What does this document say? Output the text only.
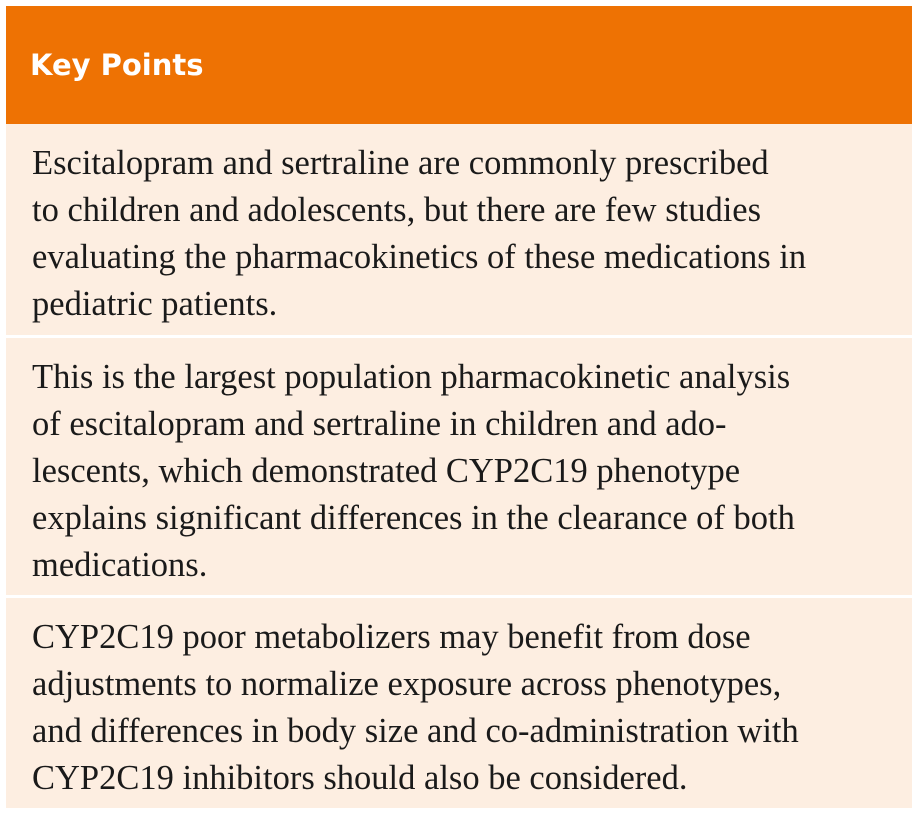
Key Points
Escitalopram and sertraline are commonly prescribed
to children and adolescents, but there are few studies
evaluating the pharmacokinetics of these medications in
pediatric patients.
This is the largest population pharmacokinetic analysis
of escitalopram and sertraline in children and ado-
lescents, which demonstrated CYP2C19 phenotype
explains significant differences in the clearance of both
medications.
CYP2C19 poor metabolizers may benefit from dose
adjustments to normalize exposure across phenotypes,
and differences in body size and co-administration with
CYP2C19 inhibitors should also be considered.
